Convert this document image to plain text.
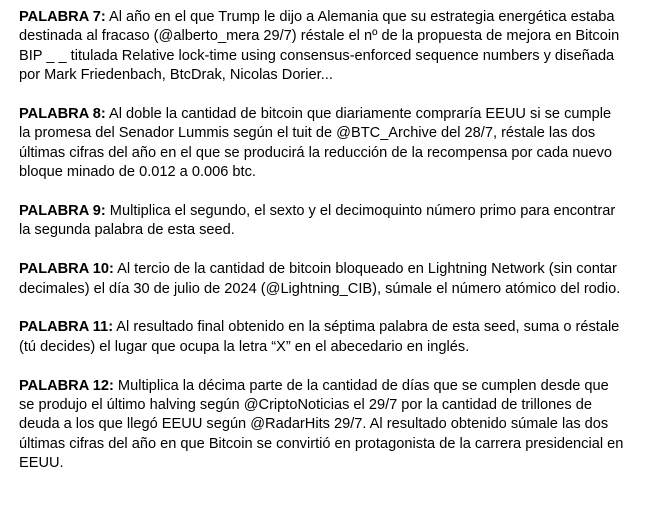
PALABRA 7: Al año en el que Trump le dijo a Alemania que su estrategia energética estaba destinada al fracaso (@alberto_mera 29/7) réstale el nº de la propuesta de mejora en Bitcoin BIP _ _ titulada Relative lock-time using consensus-enforced sequence numbers y diseñada por Mark Friedenbach, BtcDrak, Nicolas Dorier...

PALABRA 8: Al doble la cantidad de bitcoin que diariamente compraría EEUU si se cumple la promesa del Senador Lummis según el tuit de @BTC_Archive del 28/7, réstale las dos últimas cifras del año en el que se producirá la reducción de la recompensa por cada nuevo bloque minado de 0.012 a 0.006 btc.

PALABRA 9: Multiplica el segundo, el sexto y el decimoquinto número primo para encontrar la segunda palabra de esta seed.

PALABRA 10: Al tercio de la cantidad de bitcoin bloqueado en Lightning Network (sin contar decimales) el día 30 de julio de 2024 (@Lightning_CIB), súmale el número atómico del rodio.

PALABRA 11: Al resultado final obtenido en la séptima palabra de esta seed, suma o réstale (tú decides) el lugar que ocupa la letra “X” en el abecedario en inglés.

PALABRA 12: Multiplica la décima parte de la cantidad de días que se cumplen desde que se produjo el último halving según @CriptoNoticias el 29/7 por la cantidad de trillones de deuda a los que llegó EEUU según @RadarHits 29/7. Al resultado obtenido súmale las dos últimas cifras del año en que Bitcoin se convirtió en protagonista de la carrera presidencial en EEUU.
